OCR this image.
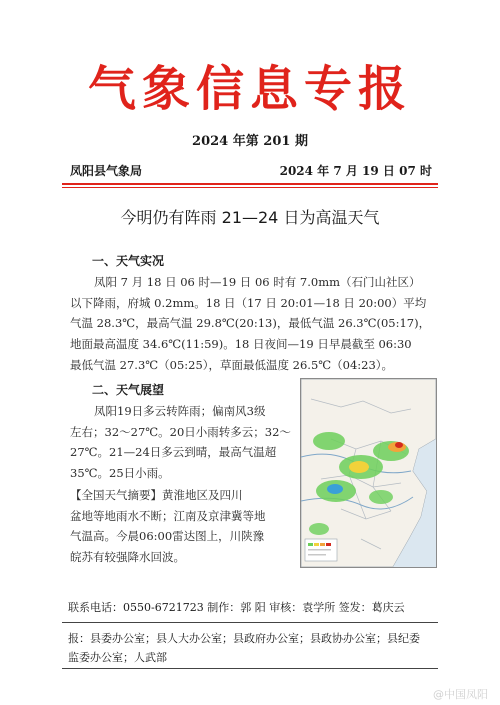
气象信息专报
2024 年第 201 期
凤阳县气象局	2024 年 7 月 19 日 07 时
今明仍有阵雨 21—24 日为高温天气
一、天气实况
凤阳 7 月 18 日 06 时—19 日 06 时有 7.0mm（石门山社区）
以下降雨，府城 0.2mm。18 日（17 日 20:01—18 日 20:00）平均
气温 28.3℃，最高气温 29.8℃(20:13)，最低气温 26.3℃(05:17)，
地面最高温度 34.6℃(11:59)。18 日夜间—19 日早晨截至 06:30
最低气温 27.3℃（05:25），草面最低温度 26.5℃（04:23）。
二、天气展望
凤阳19日多云转阵雨；偏南风3级
左右；32～27℃。20日小雨转多云；32～
27℃。21—24日多云到晴，最高气温超
35℃。25日小雨。
【全国天气摘要】黄淮地区及四川
盆地等地雨水不断；江南及京津冀等地
气温高。今晨06:00雷达图上，川陕豫
皖苏有较强降水回波。
联系电话：0550-6721723 制作：郭 阳 审核：袁学所 签发：葛庆云
报：县委办公室；县人大办公室；县政府办公室；县政协办公室；县纪委
监委办公室；人武部
@中国凤阳
